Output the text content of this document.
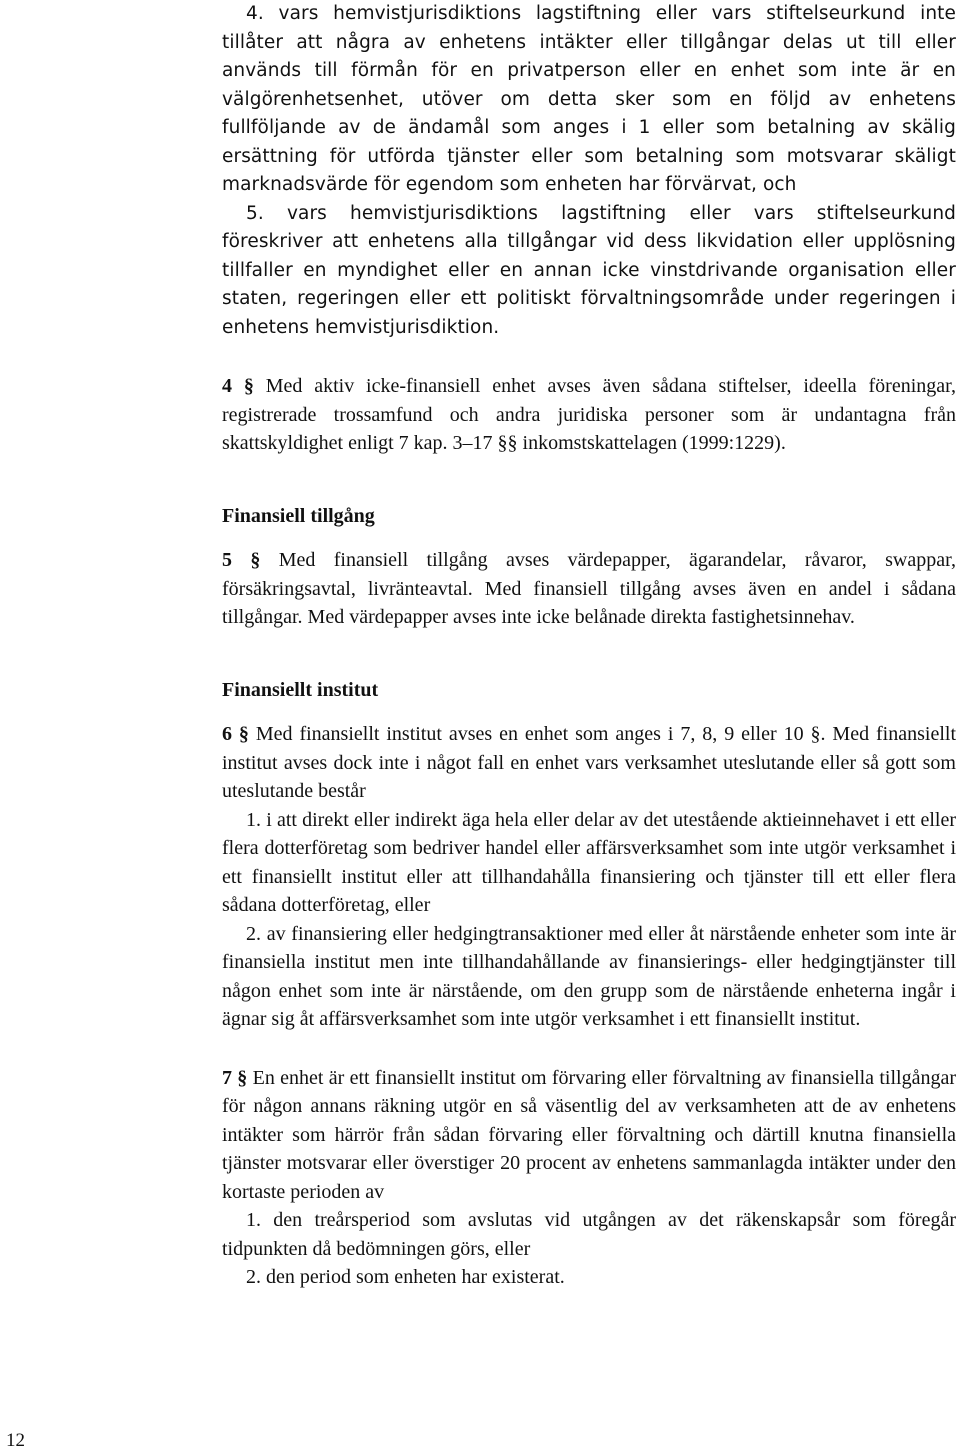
4. vars hemvistjurisdiktions lagstiftning eller vars stiftelseurkund inte tillåter att några av enhetens intäkter eller tillgångar delas ut till eller används till förmån för en privatperson eller en enhet som inte är en välgörenhetsenhet, utöver om detta sker som en följd av enhetens fullföljande av de ändamål som anges i 1 eller som betalning av skälig ersättning för utförda tjänster eller som betalning som motsvarar skäligt marknadsvärde för egendom som enheten har förvärvat, och

5. vars hemvistjurisdiktions lagstiftning eller vars stiftelseurkund föreskriver att enhetens alla tillgångar vid dess likvidation eller upplösning tillfaller en myndighet eller en annan icke vinstdrivande organisation eller staten, regeringen eller ett politiskt förvaltningsområde under regeringen i enhetens hemvistjurisdiktion.

4 § Med aktiv icke-finansiell enhet avses även sådana stiftelser, ideella föreningar, registrerade trossamfund och andra juridiska personer som är undantagna från skattskyldighet enligt 7 kap. 3–17 §§ inkomstskattelagen (1999:1229).

Finansiell tillgång

5 § Med finansiell tillgång avses värdepapper, ägarandelar, råvaror, swappar, försäkringsavtal, livränteavtal. Med finansiell tillgång avses även en andel i sådana tillgångar. Med värdepapper avses inte icke belånade direkta fastighetsinnehav.

Finansiellt institut

6 § Med finansiellt institut avses en enhet som anges i 7, 8, 9 eller 10 §. Med finansiellt institut avses dock inte i något fall en enhet vars verksamhet uteslutande eller så gott som uteslutande består

1. i att direkt eller indirekt äga hela eller delar av det utestående aktieinnehavet i ett eller flera dotterföretag som bedriver handel eller affärsverksamhet som inte utgör verksamhet i ett finansiellt institut eller att tillhandahålla finansiering och tjänster till ett eller flera sådana dotterföretag, eller

2. av finansiering eller hedgingtransaktioner med eller åt närstående enheter som inte är finansiella institut men inte tillhandahållande av finansierings- eller hedgingtjänster till någon enhet som inte är närstående, om den grupp som de närstående enheterna ingår i ägnar sig åt affärsverksamhet som inte utgör verksamhet i ett finansiellt institut.

7 § En enhet är ett finansiellt institut om förvaring eller förvaltning av finansiella tillgångar för någon annans räkning utgör en så väsentlig del av verksamheten att de av enhetens intäkter som härrör från sådan förvaring eller förvaltning och därtill knutna finansiella tjänster motsvarar eller överstiger 20 procent av enhetens sammanlagda intäkter under den kortaste perioden av

1. den treårsperiod som avslutas vid utgången av det räkenskapsår som föregår tidpunkten då bedömningen görs, eller

2. den period som enheten har existerat.

12
